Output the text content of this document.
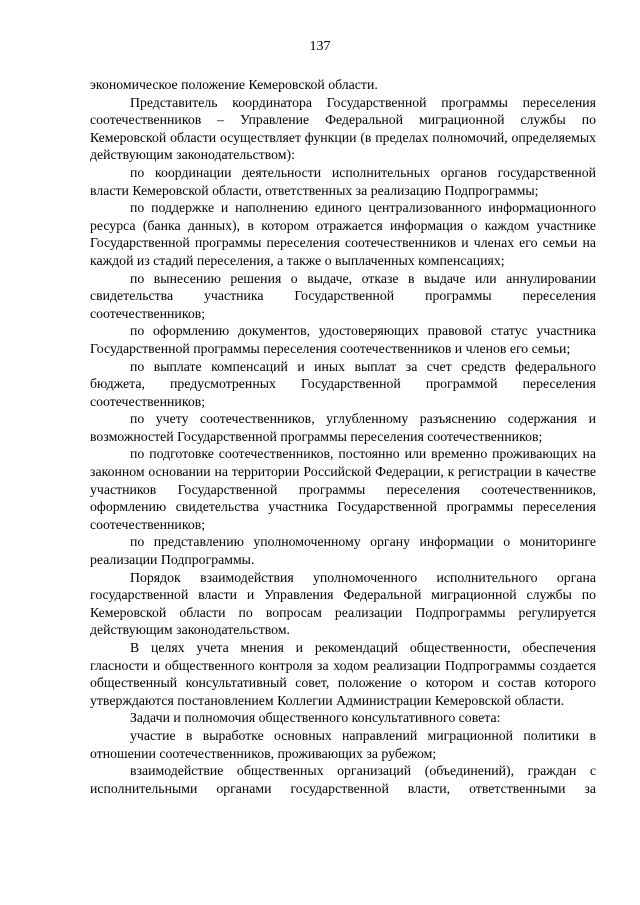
137

экономическое положение Кемеровской области.

Представитель координатора Государственной программы переселения соотечественников – Управление Федеральной миграционной службы по Кемеровской области осуществляет функции (в пределах полномочий, определяемых действующим законодательством):

по координации деятельности исполнительных органов государственной власти Кемеровской области, ответственных за реализацию Подпрограммы;

по поддержке и наполнению единого централизованного информационного ресурса (банка данных), в котором отражается информация о каждом участнике Государственной программы переселения соотечественников и членах его семьи на каждой из стадий переселения, а также о выплаченных компенсациях;

по вынесению решения о выдаче, отказе в выдаче или аннулировании свидетельства участника Государственной программы переселения соотечественников;

по оформлению документов, удостоверяющих правовой статус участника Государственной программы переселения соотечественников и членов его семьи;

по выплате компенсаций и иных выплат за счет средств федерального бюджета, предусмотренных Государственной программой переселения соотечественников;

по учету соотечественников, углубленному разъяснению содержания и возможностей Государственной программы переселения соотечественников;

по подготовке соотечественников, постоянно или временно проживающих на законном основании на территории Российской Федерации, к регистрации в качестве участников Государственной программы переселения соотечественников, оформлению свидетельства участника Государственной программы переселения соотечественников;

по представлению уполномоченному органу информации о мониторинге реализации Подпрограммы.

Порядок взаимодействия уполномоченного исполнительного органа государственной власти и Управления Федеральной миграционной службы по Кемеровской области по вопросам реализации Подпрограммы регулируется действующим законодательством.

В целях учета мнения и рекомендаций общественности, обеспечения гласности и общественного контроля за ходом реализации Подпрограммы создается общественный консультативный совет, положение о котором и состав которого утверждаются постановлением Коллегии Администрации Кемеровской области.

Задачи и полномочия общественного консультативного совета:

участие в выработке основных направлений миграционной политики в отношении соотечественников, проживающих за рубежом;

взаимодействие общественных организаций (объединений), граждан с исполнительными органами государственной власти, ответственными за
